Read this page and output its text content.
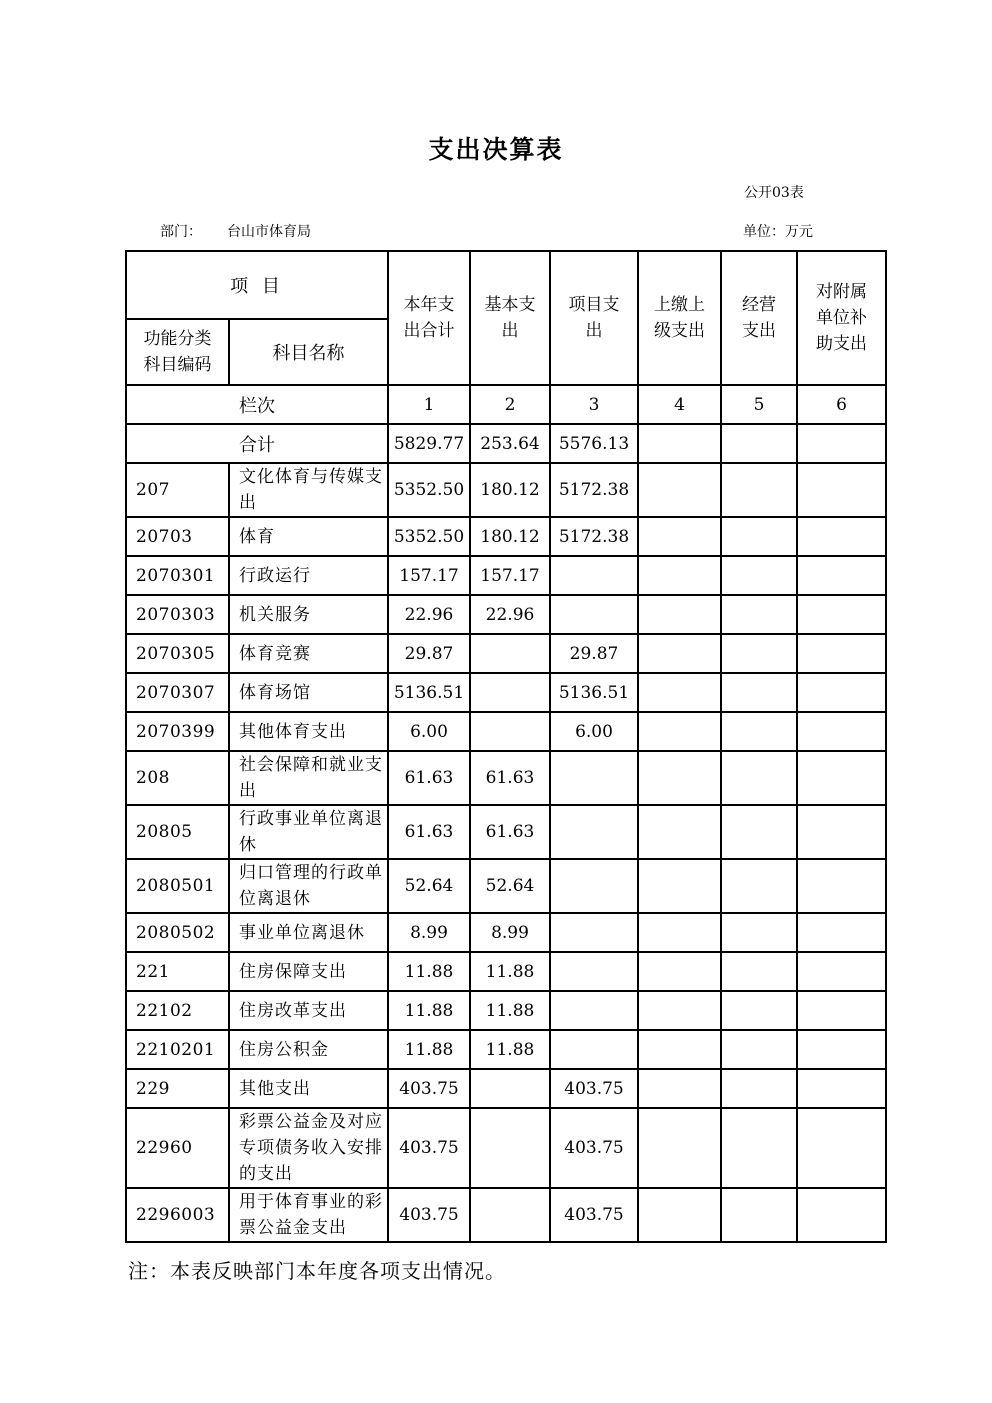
支出决算表
公开03表
部门： 台山市体育局	单位：万元
项 目		本年支出合计	基本支出	项目支出	上缴上级支出	经营支出	对附属单位补助支出

功能分类科目编码	科目名称						
栏次		1	2	3	4	5	6
合计		5829.77	253.64	5576.13			
207	文化体育与传媒支出	5352.50	180.12	5172.38			
20703	体育	5352.50	180.12	5172.38			
2070301	行政运行	157.17	157.17				
2070303	机关服务	22.96	22.96				
2070305	体育竞赛	29.87		29.87			
2070307	体育场馆	5136.51		5136.51			
2070399	其他体育支出	6.00		6.00			
208	社会保障和就业支出	61.63	61.63				
20805	行政事业单位离退休	61.63	61.63				
2080501	归口管理的行政单位离退休	52.64	52.64				
2080502	事业单位离退休	8.99	8.99				
221	住房保障支出	11.88	11.88				
22102	住房改革支出	11.88	11.88				
2210201	住房公积金	11.88	11.88				
229	其他支出	403.75		403.75			
22960	彩票公益金及对应专项债务收入安排的支出	403.75		403.75			
2296003	用于体育事业的彩票公益金支出	403.75		403.75			
注：本表反映部门本年度各项支出情况。
